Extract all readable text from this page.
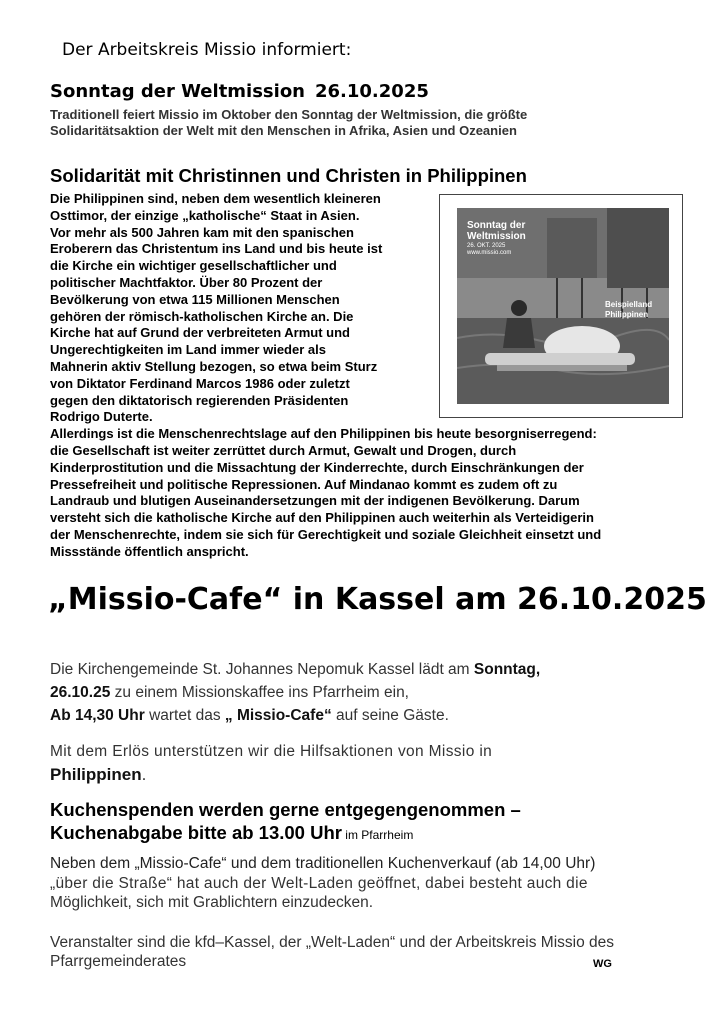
Der Arbeitskreis Missio informiert:
Sonntag der Weltmission 26.10.2025
Traditionell feiert Missio im Oktober den Sonntag der Weltmission, die größte
Solidaritätsaktion der Welt mit den Menschen in Afrika, Asien und Ozeanien
Solidarität mit Christinnen und Christen in Philippinen
Die Philippinen sind, neben dem wesentlich kleineren
Osttimor, der einzige „katholische“ Staat in Asien.
Vor mehr als 500 Jahren kam mit den spanischen
Eroberern das Christentum ins Land und bis heute ist
die Kirche ein wichtiger gesellschaftlicher und
politischer Machtfaktor. Über 80 Prozent der
Bevölkerung von etwa 115 Millionen Menschen
gehören der römisch-katholischen Kirche an. Die
Kirche hat auf Grund der verbreiteten Armut und
Ungerechtigkeiten im Land immer wieder als
Mahnerin aktiv Stellung bezogen, so etwa beim Sturz
von Diktator Ferdinand Marcos 1986 oder zuletzt
gegen den diktatorisch regierenden Präsidenten
Rodrigo Duterte.
Allerdings ist die Menschenrechtslage auf den Philippinen bis heute besorgniserregend:
die Gesellschaft ist weiter zerrüttet durch Armut, Gewalt und Drogen, durch
Kinderprostitution und die Missachtung der Kinderrechte, durch Einschränkungen der
Pressefreiheit und politische Repressionen. Auf Mindanao kommt es zudem oft zu
Landraub und blutigen Auseinandersetzungen mit der indigenen Bevölkerung. Darum
versteht sich die katholische Kirche auf den Philippinen auch weiterhin als Verteidigerin
der Menschenrechte, indem sie sich für Gerechtigkeit und soziale Gleichheit einsetzt und
Missstände öffentlich anspricht.
Sonntag der
Weltmission
26. OKT. 2025
www.missio.com
Beispielland
Philippinen
„Missio-Cafe“ in Kassel am 26.10.2025
Die Kirchengemeinde St. Johannes Nepomuk Kassel lädt am Sonntag,
26.10.25 zu einem Missionskaffee ins Pfarrheim ein,
Ab 14,30 Uhr wartet das „ Missio-Cafe“ auf seine Gäste.
Mit dem Erlös unterstützen wir die Hilfsaktionen von Missio in
Philippinen.
Kuchenspenden werden gerne entgegengenommen –
Kuchenabgabe bitte ab 13.00 Uhr im Pfarrheim
Neben dem „Missio-Cafe“ und dem traditionellen Kuchenverkauf (ab 14,00 Uhr)
„über die Straße“ hat auch der Welt-Laden geöffnet, dabei besteht auch die
Möglichkeit, sich mit Grablichtern einzudecken.
Veranstalter sind die kfd–Kassel, der „Welt-Laden“ und der Arbeitskreis Missio des
Pfarrgemeinderates	WG
